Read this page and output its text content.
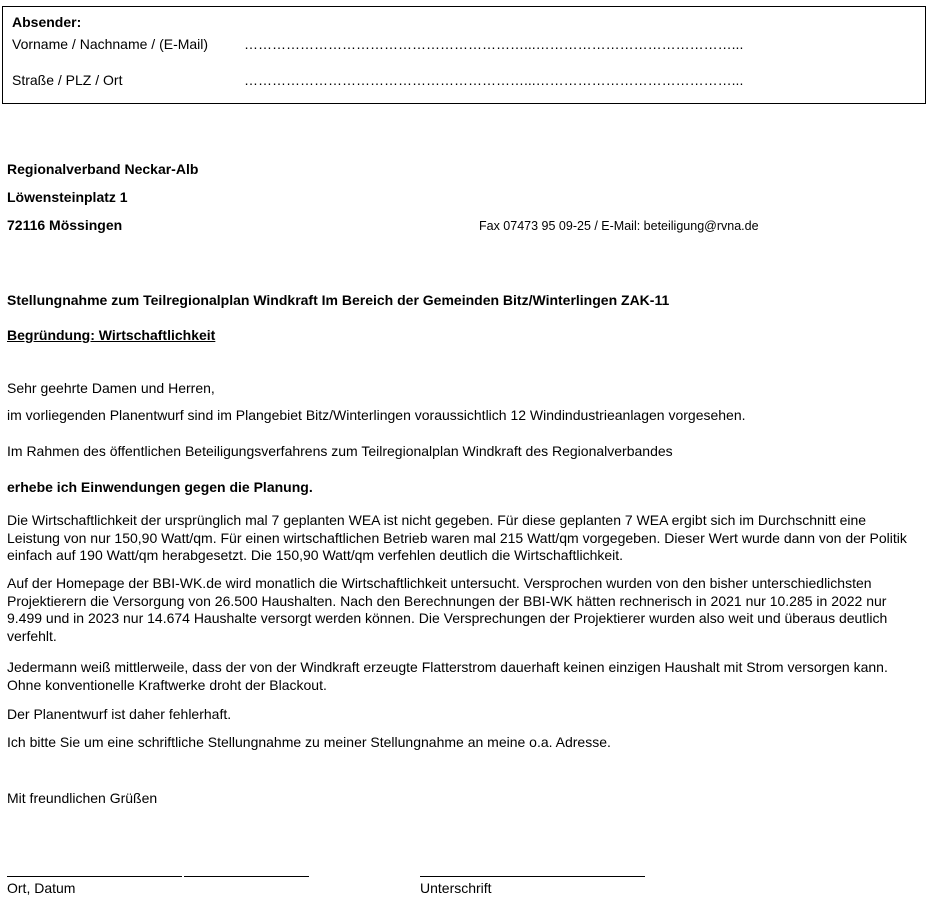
Absender:
Vorname / Nachname / (E-Mail)	……………………………………………………...……………………………………...
Straße / PLZ / Ort	……………………………………………………...……………………………………...
Regionalverband Neckar-Alb
Löwensteinplatz 1
72116 Mössingen	Fax 07473 95 09-25 / E-Mail: beteiligung@rvna.de
Stellungnahme zum Teilregionalplan Windkraft Im Bereich der Gemeinden Bitz/Winterlingen ZAK-11
Begründung: Wirtschaftlichkeit
Sehr geehrte Damen und Herren,
im vorliegenden Planentwurf sind im Plangebiet Bitz/Winterlingen voraussichtlich 12 Windindustrieanlagen vorgesehen.
Im Rahmen des öffentlichen Beteiligungsverfahrens zum Teilregionalplan Windkraft des Regionalverbandes
erhebe ich Einwendungen gegen die Planung.
Die Wirtschaftlichkeit der ursprünglich mal 7 geplanten WEA ist nicht gegeben. Für diese geplanten 7 WEA ergibt sich im Durchschnitt eine Leistung von nur 150,90 Watt/qm. Für einen wirtschaftlichen Betrieb waren mal 215 Watt/qm vorgegeben. Dieser Wert wurde dann von der Politik einfach auf 190 Watt/qm herabgesetzt. Die 150,90 Watt/qm verfehlen deutlich die Wirtschaftlichkeit.
Auf der Homepage der BBI-WK.de wird monatlich die Wirtschaftlichkeit untersucht. Versprochen wurden von den bisher unterschiedlichsten Projektierern die Versorgung von 26.500 Haushalten. Nach den Berechnungen der BBI-WK hätten rechnerisch in 2021 nur 10.285 in 2022 nur 9.499 und in 2023 nur 14.674 Haushalte versorgt werden können. Die Versprechungen der Projektierer wurden also weit und überaus deutlich verfehlt.
Jedermann weiß mittlerweile, dass der von der Windkraft erzeugte Flatterstrom dauerhaft keinen einzigen Haushalt mit Strom versorgen kann. Ohne konventionelle Kraftwerke droht der Blackout.
Der Planentwurf ist daher fehlerhaft.
Ich bitte Sie um eine schriftliche Stellungnahme zu meiner Stellungnahme an meine o.a. Adresse.
Mit freundlichen Grüßen
Ort, Datum	Unterschrift
